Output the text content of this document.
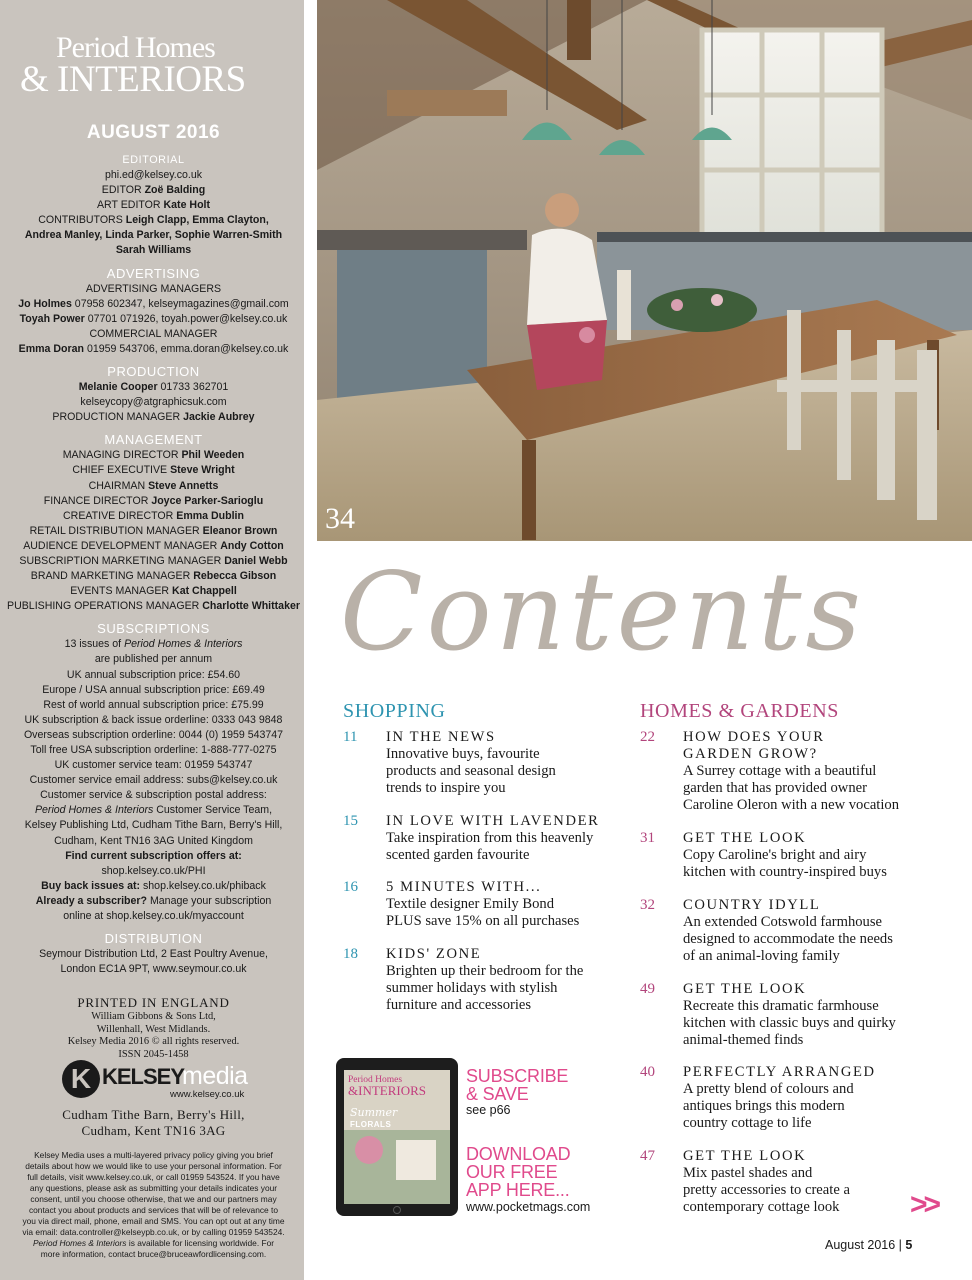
Period Homes
& INTERIORS
AUGUST 2016
EDITORIAL
phi.ed@kelsey.co.uk
EDITOR Zoë Balding
ART EDITOR Kate Holt
CONTRIBUTORS Leigh Clapp, Emma Clayton,
Andrea Manley, Linda Parker, Sophie Warren-Smith
Sarah Williams
ADVERTISING
ADVERTISING MANAGERS
Jo Holmes 07958 602347, kelseymagazines@gmail.com
Toyah Power 07701 071926, toyah.power@kelsey.co.uk
COMMERCIAL MANAGER
Emma Doran 01959 543706, emma.doran@kelsey.co.uk
PRODUCTION
Melanie Cooper 01733 362701
kelseycopy@atgraphicsuk.com
PRODUCTION MANAGER Jackie Aubrey
MANAGEMENT
MANAGING DIRECTOR Phil Weeden
CHIEF EXECUTIVE Steve Wright
CHAIRMAN Steve Annetts
FINANCE DIRECTOR Joyce Parker-Sarioglu
CREATIVE DIRECTOR Emma Dublin
RETAIL DISTRIBUTION MANAGER Eleanor Brown
AUDIENCE DEVELOPMENT MANAGER Andy Cotton
SUBSCRIPTION MARKETING MANAGER Daniel Webb
BRAND MARKETING MANAGER Rebecca Gibson
EVENTS MANAGER Kat Chappell
PUBLISHING OPERATIONS MANAGER Charlotte Whittaker
SUBSCRIPTIONS
13 issues of Period Homes & Interiors
are published per annum
UK annual subscription price: £54.60
Europe / USA annual subscription price: £69.49
Rest of world annual subscription price: £75.99
UK subscription & back issue orderline: 0333 043 9848
Overseas subscription orderline: 0044 (0) 1959 543747
Toll free USA subscription orderline: 1-888-777-0275
UK customer service team: 01959 543747
Customer service email address: subs@kelsey.co.uk
Customer service & subscription postal address:
Period Homes & Interiors Customer Service Team,
Kelsey Publishing Ltd, Cudham Tithe Barn, Berry's Hill,
Cudham, Kent TN16 3AG United Kingdom
Find current subscription offers at:
shop.kelsey.co.uk/PHI
Buy back issues at: shop.kelsey.co.uk/phiback
Already a subscriber? Manage your subscription
online at shop.kelsey.co.uk/myaccount
DISTRIBUTION
Seymour Distribution Ltd, 2 East Poultry Avenue,
London EC1A 9PT, www.seymour.co.uk
PRINTED IN ENGLAND
William Gibbons & Sons Ltd,
Willenhall, West Midlands.
Kelsey Media 2016 © all rights reserved.
ISSN 2045-1458
K KELSEY
media
www.kelsey.co.uk
Cudham Tithe Barn, Berry's Hill,
Cudham, Kent TN16 3AG
Kelsey Media uses a multi-layered privacy policy giving you brief
details about how we would like to use your personal information. For
full details, visit www.kelsey.co.uk, or call 01959 543524. If you have
any questions, please ask as submitting your details indicates your
consent, until you choose otherwise, that we and our partners may
contact you about products and services that will be of relevance to
you via direct mail, phone, email and SMS. You can opt out at any time
via email: data.controller@kelseypb.co.uk, or by calling 01959 543524.
Period Homes & Interiors is available for licensing worldwide. For
more information, contact bruce@bruceawfordlicensing.com.
34
Contents
SHOPPING
11 IN THE NEWS
Innovative buys, favourite
products and seasonal design
trends to inspire you
15 IN LOVE WITH LAVENDER
Take inspiration from this heavenly
scented garden favourite
16 5 MINUTES WITH...
Textile designer Emily Bond
PLUS save 15% on all purchases
18 KIDS' ZONE
Brighten up their bedroom for the
summer holidays with stylish
furniture and accessories
HOMES & GARDENS
22 HOW DOES YOUR
GARDEN GROW?
A Surrey cottage with a beautiful
garden that has provided owner
Caroline Oleron with a new vocation
31 GET THE LOOK
Copy Caroline's bright and airy
kitchen with country-inspired buys
32 COUNTRY IDYLL
An extended Cotswold farmhouse
designed to accommodate the needs
of an animal-loving family
49 GET THE LOOK
Recreate this dramatic farmhouse
kitchen with classic buys and quirky
animal-themed finds
40 PERFECTLY ARRANGED
A pretty blend of colours and
antiques brings this modern
country cottage to life
47 GET THE LOOK
Mix pastel shades and
pretty accessories to create a
contemporary cottage look
Period Homes
&INTERIORS
Summer
FLORALS
SUBSCRIBE
& SAVE
see p66
DOWNLOAD
OUR FREE
APP HERE...
www.pocketmags.com	>>
August 2016 | 5
